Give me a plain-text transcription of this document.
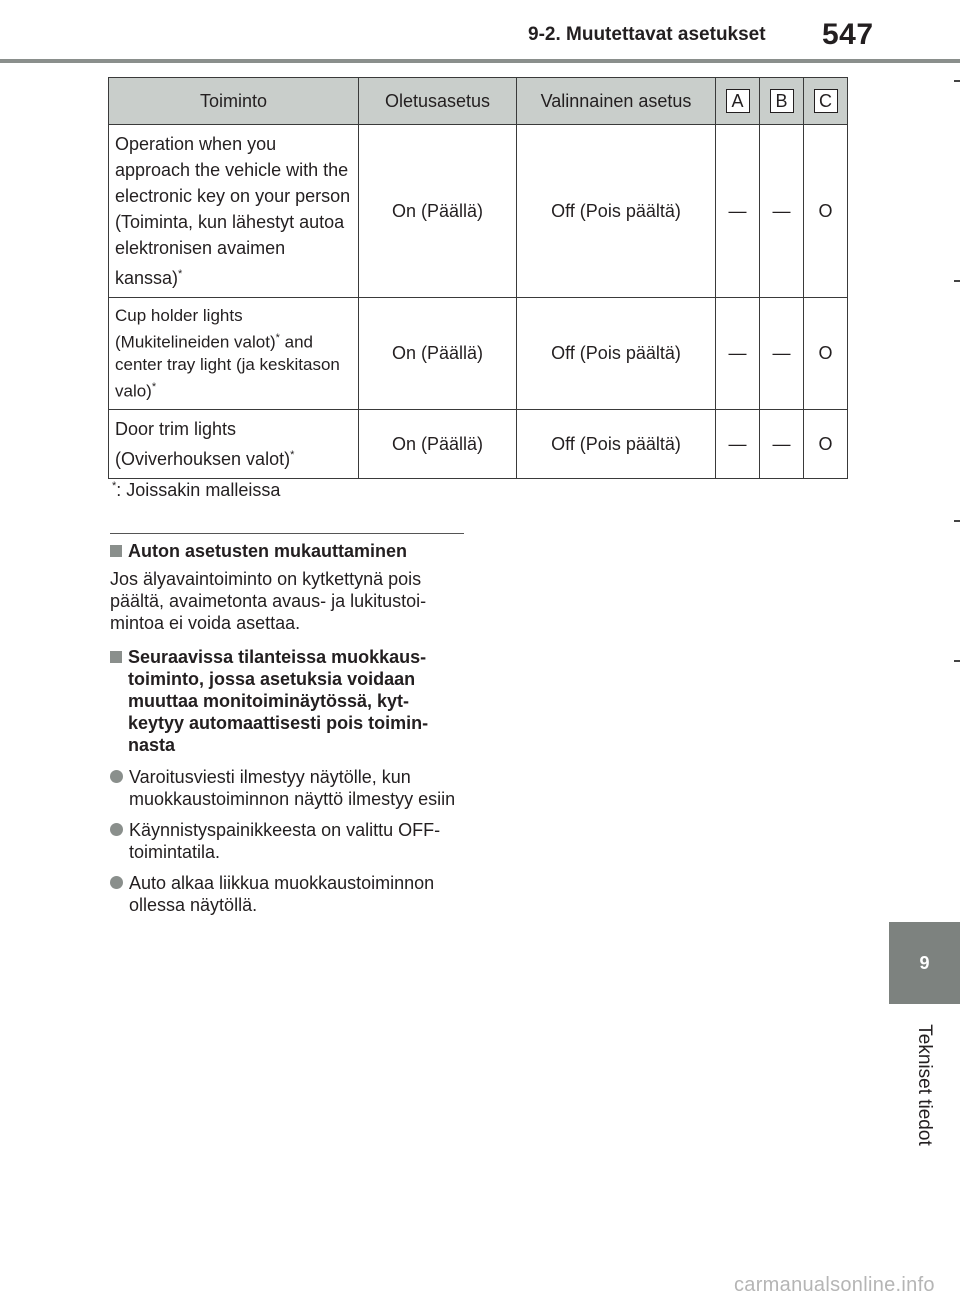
9-2. Muutettavat asetukset 547
Toiminto	Oletusasetus	Valinnainen asetus	A	B	C
Operation when you approach the vehicle with the electronic key on your person (Toiminta, kun lähestyt autoa elektronisen avaimen kanssa)*	On (Päällä)	Off (Pois päältä)	—	—	O
Cup holder lights (Mukitelineiden valot)* and center tray light (ja keskitason valo)*	On (Päällä)	Off (Pois päältä)	—	—	O
Door trim lights (Oviverhouksen valot)*	On (Päällä)	Off (Pois päältä)	—	—	O
*: Joissakin malleissa
Auton asetusten mukauttaminen
Jos älyavaintoiminto on kytkettynä pois päältä, avaimetonta avaus- ja lukitustoi-mintoa ei voida asettaa.
Seuraavissa tilanteissa muokkaus-toiminto, jossa asetuksia voidaan muuttaa monitoiminäytössä, kyt-keytyy automaattisesti pois toimin-nasta
Varoitusviesti ilmestyy näytölle, kun muokkaustoiminnon näyttö ilmestyy esiin
Käynnistyspainikkeesta on valittu OFF-toimintatila.
Auto alkaa liikkua muokkaustoiminnon ollessa näytöllä.
9
Tekniset tiedot
carmanualsonline.info
